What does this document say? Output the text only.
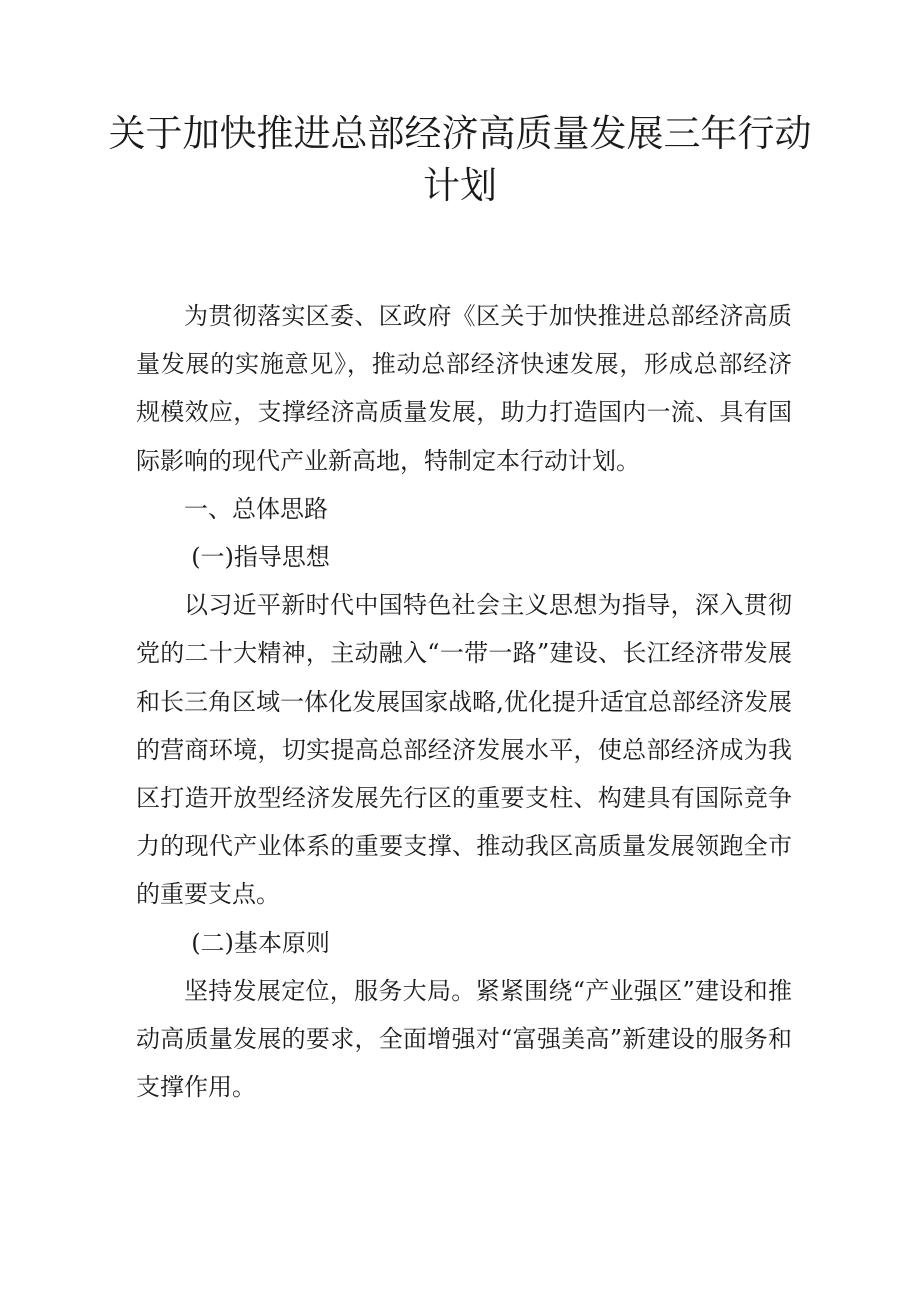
关于加快推进总部经济高质量发展三年行动计划

为贯彻落实区委、区政府《区关于加快推进总部经济高质量发展的实施意见》，推动总部经济快速发展，形成总部经济规模效应，支撑经济高质量发展，助力打造国内一流、具有国际影响的现代产业新高地，特制定本行动计划。

一、总体思路

(一)指导思想

以习近平新时代中国特色社会主义思想为指导，深入贯彻党的二十大精神，主动融入“一带一路”建设、长江经济带发展和长三角区域一体化发展国家战略,优化提升适宜总部经济发展的营商环境，切实提高总部经济发展水平，使总部经济成为我区打造开放型经济发展先行区的重要支柱、构建具有国际竞争力的现代产业体系的重要支撑、推动我区高质量发展领跑全市的重要支点。

(二)基本原则

坚持发展定位，服务大局。紧紧围绕“产业强区”建设和推动高质量发展的要求，全面增强对“富强美高”新建设的服务和支撑作用。
